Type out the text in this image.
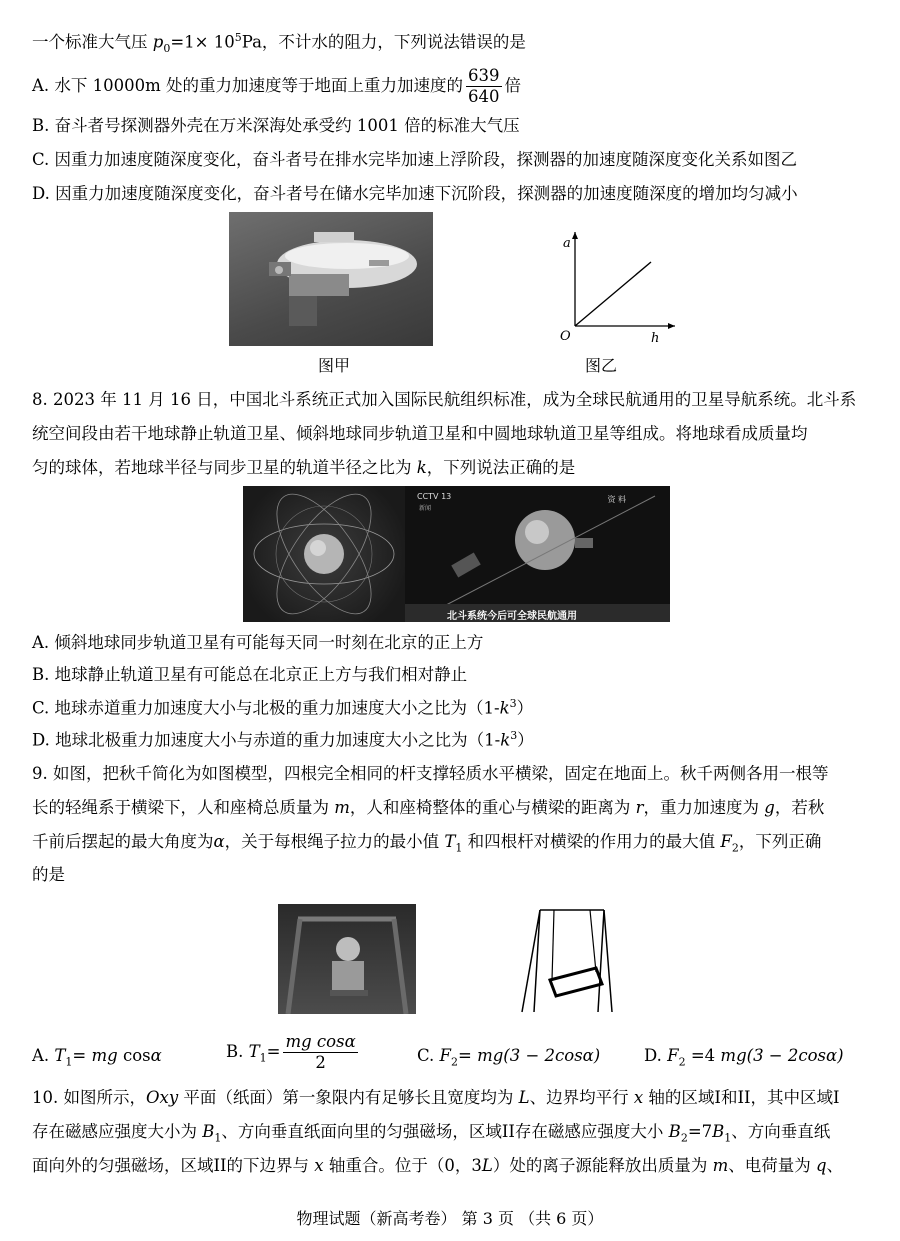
一个标准大气压 $p_0=1\times 10^5Pa$，不计水的阻力，下列说法错误的是
A. 水下 10000m 处的重力加速度等于地面上重力加速度的 $\frac{639}{640}$ 倍
B. 奋斗者号探测器外壳在万米深海处承受约 1001 倍的标准大气压
C. 因重力加速度随深度变化，奋斗者号在排水完毕加速上浮阶段，探测器的加速度随深度变化关系如图乙
D. 因重力加速度随深度变化，奋斗者号在储水完毕加速下沉阶段，探测器的加速度随深度的增加均匀减小
图甲
a
h
O
图乙
8. 2023 年 11 月 16 日，中国北斗系统正式加入国际民航组织标准，成为全球民航通用的卫星导航系统。北斗系
统空间段由若干地球静止轨道卫星、倾斜地球同步轨道卫星和中圆地球轨道卫星等组成。将地球看成质量均
匀的球体，若地球半径与同步卫星的轨道半径之比为 k，下列说法正确的是
CCTV 13
新闻
资 料
北斗系统今后可全球民航通用
A. 倾斜地球同步轨道卫星有可能每天同一时刻在北京的正上方
B. 地球静止轨道卫星有可能总在北京正上方与我们相对静止
C. 地球赤道重力加速度大小与北极的重力加速度大小之比为$(1-k^3)$
D. 地球北极重力加速度大小与赤道的重力加速度大小之比为$(1-k^3)$
9. 如图，把秋千简化为如图模型，四根完全相同的杆支撑轻质水平横梁，固定在地面上。秋千两侧各用一根等
长的轻绳系于横梁下，人和座椅总质量为 m，人和座椅整体的重心与横梁的距离为 r，重力加速度为 g，若秋
千前后摆起的最大角度为α，关于每根绳子拉力的最小值 $T_1$ 和四根杆对横梁的作用力的最大值 $F_2$，下列正确
的是
A. $T_1=$ mg cosα	B. $T_1= \frac{\text{mg cosα}}{2}$	C. $F_2= mg(3 - 2\cos\alpha)$	D. $F_2 =4$ mg(3 − 2cosα)
10. 如图所示，Oxy 平面（纸面）第一象限内有足够长且宽度均为 L、边界均平行 x 轴的区域I和II，其中区域I
存在磁感应强度大小为 $B_1$、方向垂直纸面向里的匀强磁场，区域II存在磁感应强度大小 $B_2=7B_1$、方向垂直纸
面向外的匀强磁场，区域II的下边界与 x 轴重合。位于（0，3L）处的离子源能释放出质量为 m、电荷量为 q、
物理试题（新高考卷） 第 3 页 （共 6 页）
